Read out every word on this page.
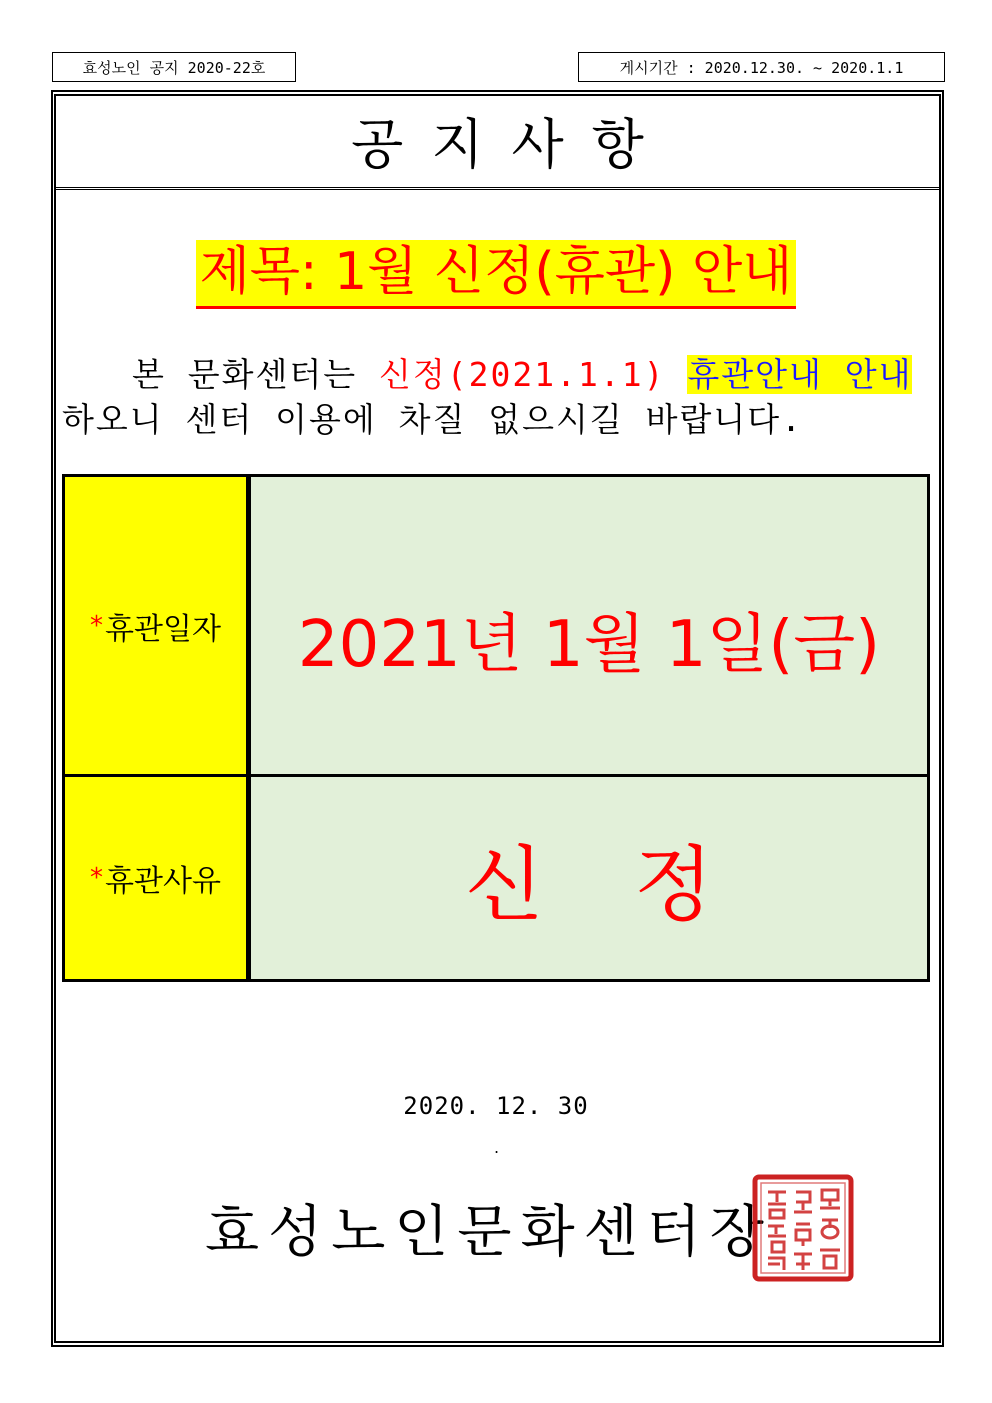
효성노인 공지 2020-22호	게시기간 : 2020.12.30. ~ 2020.1.1
공지사항
제목: 1월 신정(휴관) 안내
　　본 문화센터는 신정(2021.1.1) 휴관안내 안내하오니 센터 이용에 차질 없으시길 바랍니다.
* 휴관일자	2021년 1월 1일(금)
* 휴관사유	신정
2020. 12. 30
.
효성노인문화센터장
